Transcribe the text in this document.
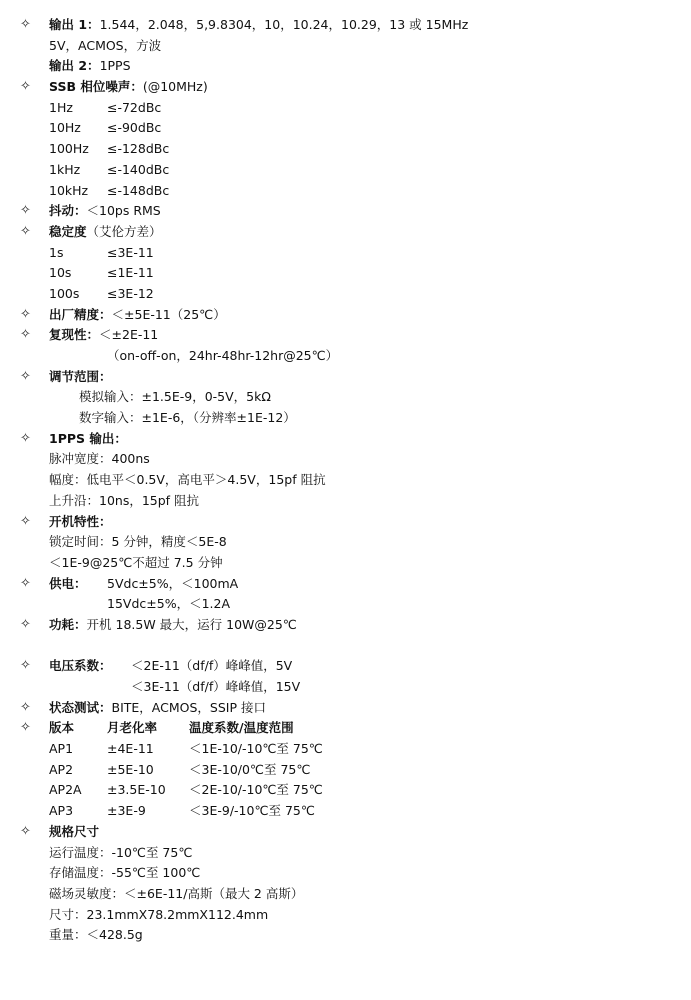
✧ 输出 1：1.544，2.048，5,9.8304，10，10.24，10.29，13 或 15MHz
5V，ACMOS，方波
输出 2：1PPS
✧ SSB 相位噪声：(@10MHz)
1Hz	≤-72dBc
10Hz ≤-90dBc
100Hz ≤-128dBc
1kHz ≤-140dBc
10kHz ≤-148dBc
✧ 抖动：＜10ps RMS
✧ 稳定度（艾伦方差）
1s	≤3E-11
10s	≤1E-11
100s ≤3E-12
✧ 出厂精度：＜±5E-11（25℃）
✧ 复现性：＜±2E-11
（on-off-on，24hr-48hr-12hr@25℃）
✧ 调节范围：
模拟输入：±1.5E-9，0-5V，5kΩ
数字输入：±1E-6，（分辨率±1E-12）
✧ 1PPS 输出：
脉冲宽度：400ns
幅度：低电平＜0.5V，高电平＞4.5V，15pf 阻抗
上升沿：10ns，15pf 阻抗
✧ 开机特性：
锁定时间：5 分钟，精度＜5E-8
＜1E-9@25℃不超过 7.5 分钟
✧ 供电： 5Vdc±5%，＜100mA
15Vdc±5%，＜1.2A
✧ 功耗：开机 18.5W 最大，运行 10W@25℃
✧ 电压系数： ＜2E-11（df/f）峰峰值，5V
＜3E-11（df/f）峰峰值，15V
✧ 状态测试：BITE，ACMOS，SSIP 接口
✧ 版本	月老化率	温度系数/温度范围
AP1	±4E-11	＜1E-10/-10℃至 75℃
AP2	±5E-10	＜3E-10/0℃至 75℃
AP2A ±3.5E-10 ＜2E-10/-10℃至 75℃
AP3	±3E-9	＜3E-9/-10℃至 75℃
✧ 规格尺寸
运行温度：-10℃至 75℃
存储温度：-55℃至 100℃
磁场灵敏度：＜±6E-11/高斯（最大 2 高斯）
尺寸：23.1mmX78.2mmX112.4mm
重量：＜428.5g
